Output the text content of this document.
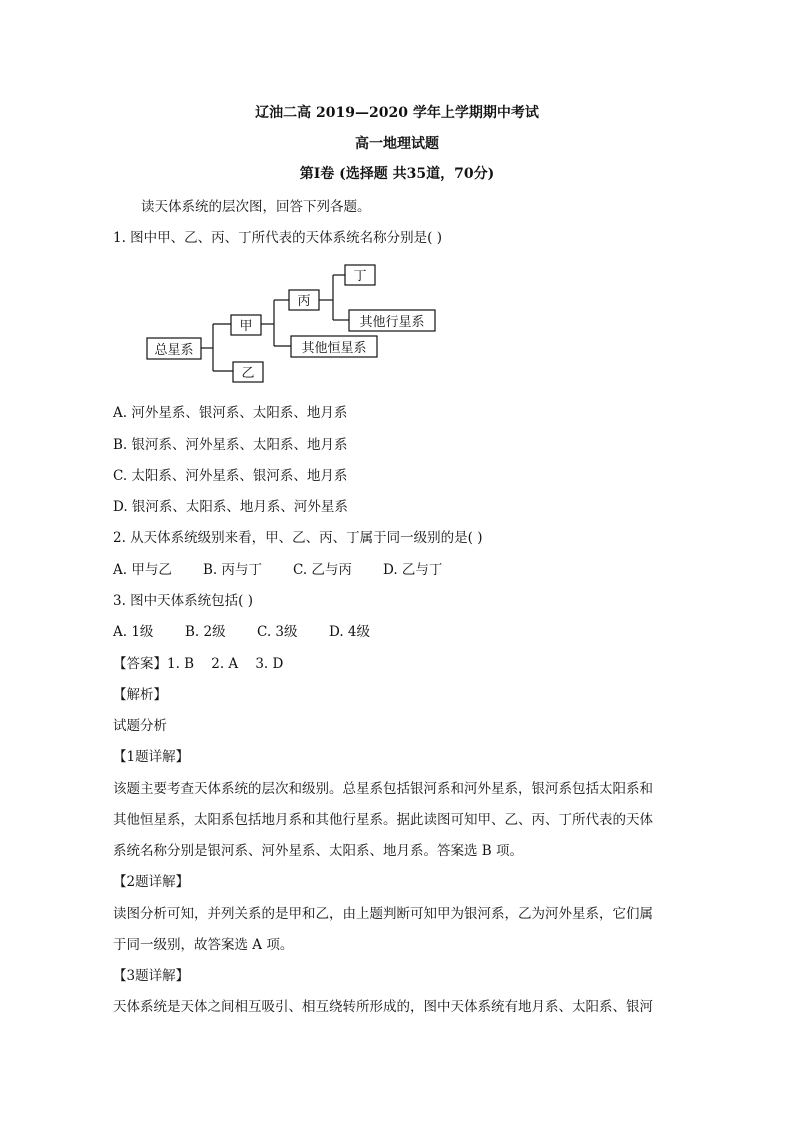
辽油二高 2019—2020 学年上学期期中考试
高一地理试题
第I卷 (选择题 共35道，70分)
读天体系统的层次图，回答下列各题。
1. 图中甲、乙、丙、丁所代表的天体系统名称分别是( )
总星系
甲
乙
丙
其他恒星系
丁
其他行星系
A. 河外星系、银河系、太阳系、地月系
B. 银河系、河外星系、太阳系、地月系
C. 太阳系、河外星系、银河系、地月系
D. 银河系、太阳系、地月系、河外星系
2. 从天体系统级别来看，甲、乙、丙、丁属于同一级别的是( )
A. 甲与乙 B. 丙与丁 C. 乙与丙 D. 乙与丁
3. 图中天体系统包括( )
A. 1级 B. 2级 C. 3级 D. 4级
【答案】1. B    2. A    3. D
【解析】
试题分析
【1题详解】
该题主要考查天体系统的层次和级别。总星系包括银河系和河外星系，银河系包括太阳系和
其他恒星系，太阳系包括地月系和其他行星系。据此读图可知甲、乙、丙、丁所代表的天体
系统名称分别是银河系、河外星系、太阳系、地月系。答案选 B 项。
【2题详解】
读图分析可知，并列关系的是甲和乙，由上题判断可知甲为银河系，乙为河外星系，它们属
于同一级别，故答案选 A 项。
【3题详解】
天体系统是天体之间相互吸引、相互绕转所形成的，图中天体系统有地月系、太阳系、银河
